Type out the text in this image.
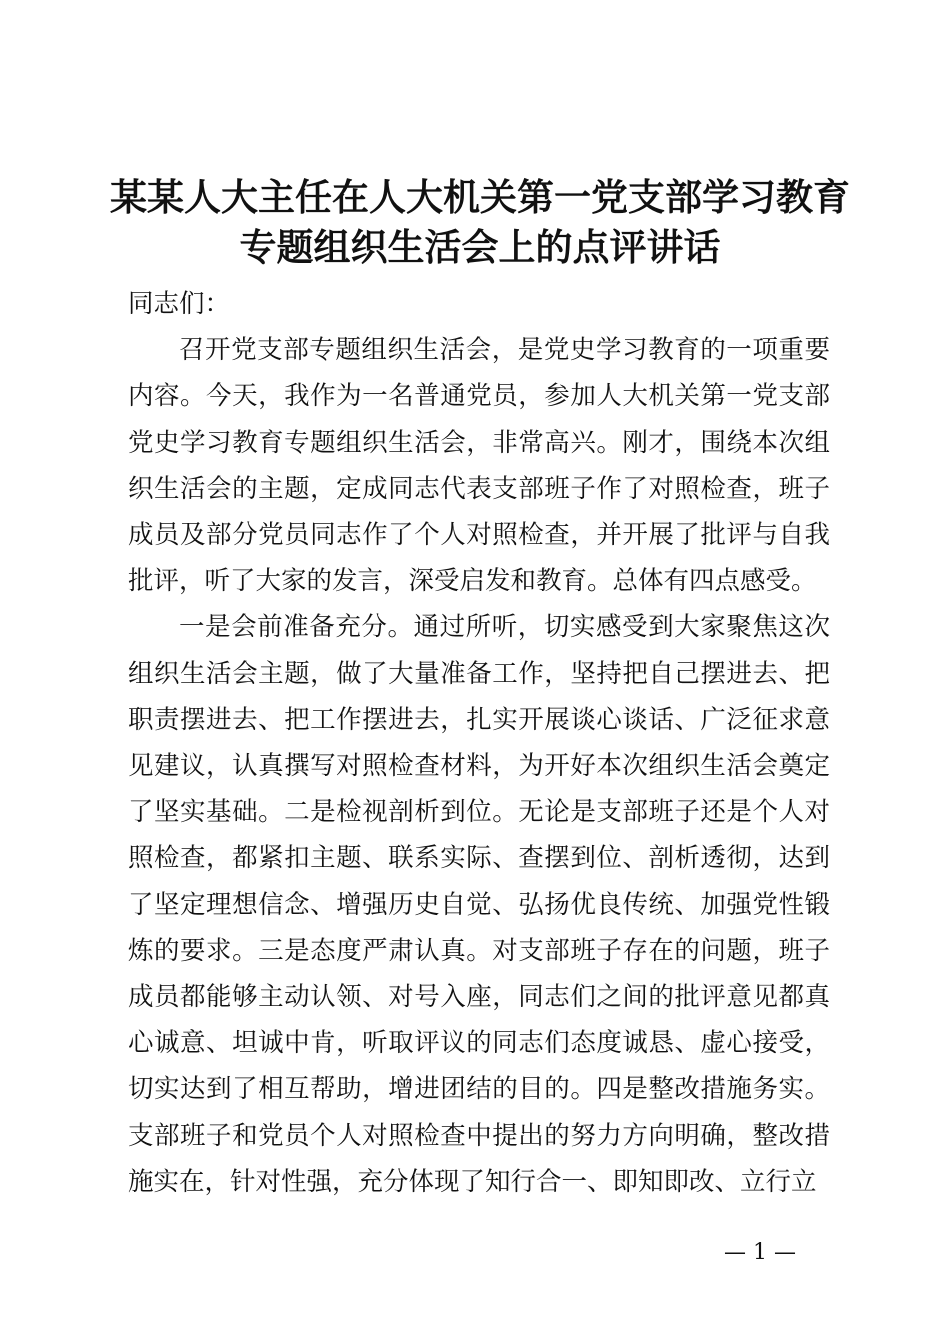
某某人大主任在人大机关第一党支部学习教育
专题组织生活会上的点评讲话

同志们：

召开党支部专题组织生活会，是党史学习教育的一项重要内容。今天，我作为一名普通党员，参加人大机关第一党支部党史学习教育专题组织生活会，非常高兴。刚才，围绕本次组织生活会的主题，定成同志代表支部班子作了对照检查，班子成员及部分党员同志作了个人对照检查，并开展了批评与自我批评，听了大家的发言，深受启发和教育。总体有四点感受。

一是会前准备充分。通过所听，切实感受到大家聚焦这次组织生活会主题，做了大量准备工作，坚持把自己摆进去、把职责摆进去、把工作摆进去，扎实开展谈心谈话、广泛征求意见建议，认真撰写对照检查材料，为开好本次组织生活会奠定了坚实基础。二是检视剖析到位。无论是支部班子还是个人对照检查，都紧扣主题、联系实际、查摆到位、剖析透彻，达到了坚定理想信念、增强历史自觉、弘扬优良传统、加强党性锻炼的要求。三是态度严肃认真。对支部班子存在的问题，班子成员都能够主动认领、对号入座，同志们之间的批评意见都真心诚意、坦诚中肯，听取评议的同志们态度诚恳、虚心接受，切实达到了相互帮助，增进团结的目的。四是整改措施务实。支部班子和党员个人对照检查中提出的努力方向明确，整改措施实在，针对性强，充分体现了知行合一、即知即改、立行立

— 1 —
